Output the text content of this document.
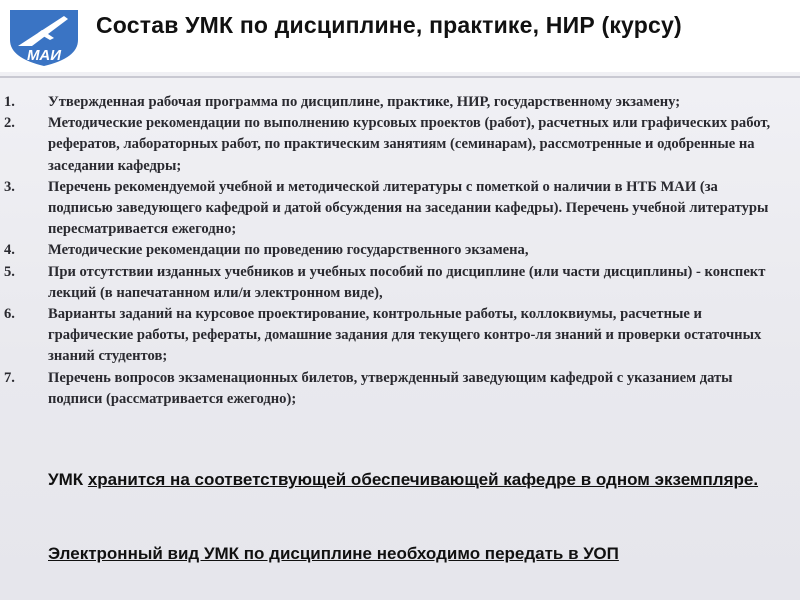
МАИ
Состав УМК по дисциплине, практике, НИР (курсу)
1.	Утвержденная рабочая программа по дисциплине, практике, НИР, государственному экзамену;
2.	Методические рекомендации по выполнению курсовых проектов (работ), расчетных или графических работ, рефератов, лабораторных работ, по практическим занятиям (семинарам), рассмотренные и одобренные на заседании кафедры;
3.	Перечень рекомендуемой учебной и методической литературы с пометкой о наличии в НТБ МАИ (за подписью заведующего кафедрой и датой обсуждения на заседании кафедры). Перечень учебной литературы пересматривается ежегодно;
4.	Методические рекомендации по проведению государственного экзамена,
5.	При отсутствии изданных учебников и учебных пособий по дисциплине (или части дисциплины) - конспект лекций (в напечатанном или/и электронном виде),
6.	Варианты заданий на курсовое проектирование, контрольные работы, коллоквиумы, расчетные и графические работы, рефераты, домашние задания для текущего контро-ля знаний и проверки остаточных знаний студентов;
7.	Перечень вопросов экзаменационных билетов, утвержденный заведующим кафедрой с указанием даты подписи (рассматривается ежегодно);
УМК хранится на соответствующей обеспечивающей кафедре в одном экземпляре.
Электронный вид УМК по дисциплине необходимо передать в УОП
